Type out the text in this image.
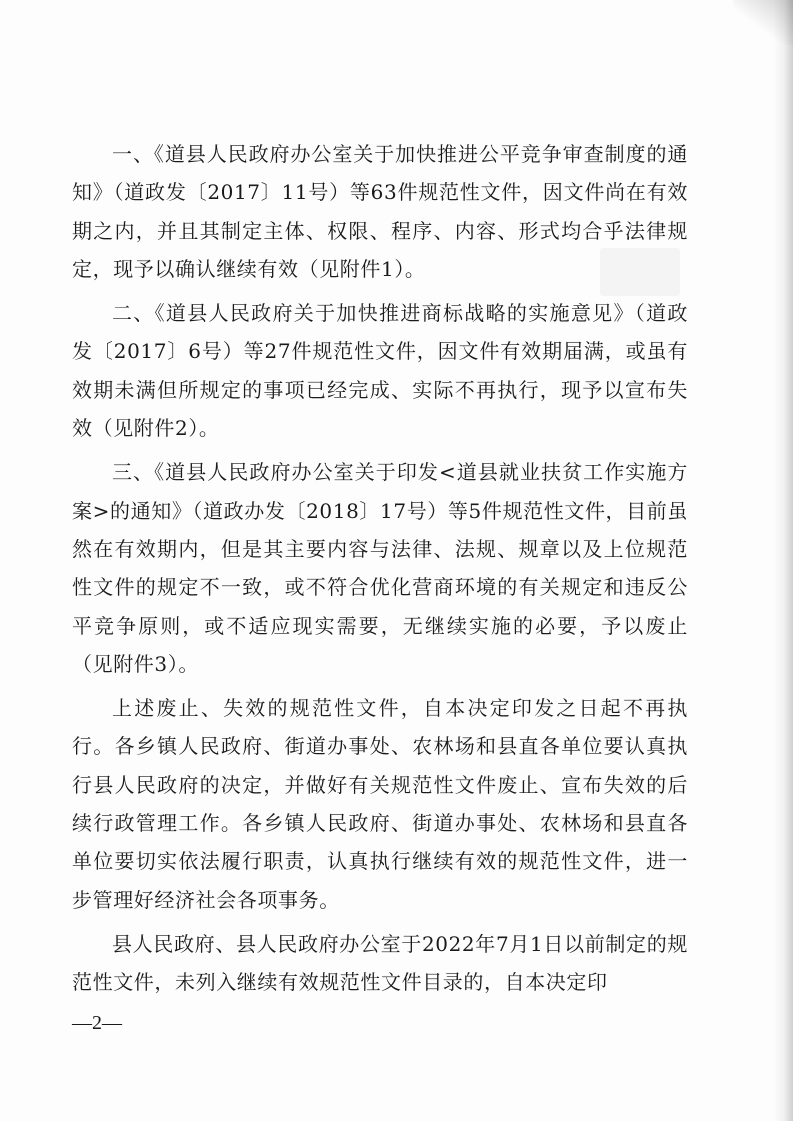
一、《道县人民政府办公室关于加快推进公平竞争审查制度的通知》（道政发〔2017〕11号）等63件规范性文件，因文件尚在有效期之内，并且其制定主体、权限、程序、内容、形式均合乎法律规定，现予以确认继续有效（见附件1）。

二、《道县人民政府关于加快推进商标战略的实施意见》（道政发〔2017〕6号）等27件规范性文件，因文件有效期届满，或虽有效期未满但所规定的事项已经完成、实际不再执行，现予以宣布失效（见附件2）。

三、《道县人民政府办公室关于印发<道县就业扶贫工作实施方案>的通知》（道政办发〔2018〕17号）等5件规范性文件，目前虽然在有效期内，但是其主要内容与法律、法规、规章以及上位规范性文件的规定不一致，或不符合优化营商环境的有关规定和违反公平竞争原则，或不适应现实需要，无继续实施的必要，予以废止（见附件3）。

上述废止、失效的规范性文件，自本决定印发之日起不再执行。各乡镇人民政府、街道办事处、农林场和县直各单位要认真执行县人民政府的决定，并做好有关规范性文件废止、宣布失效的后续行政管理工作。各乡镇人民政府、街道办事处、农林场和县直各单位要切实依法履行职责，认真执行继续有效的规范性文件，进一步管理好经济社会各项事务。

县人民政府、县人民政府办公室于2022年7月1日以前制定的规范性文件，未列入继续有效规范性文件目录的，自本决定印

—2—
